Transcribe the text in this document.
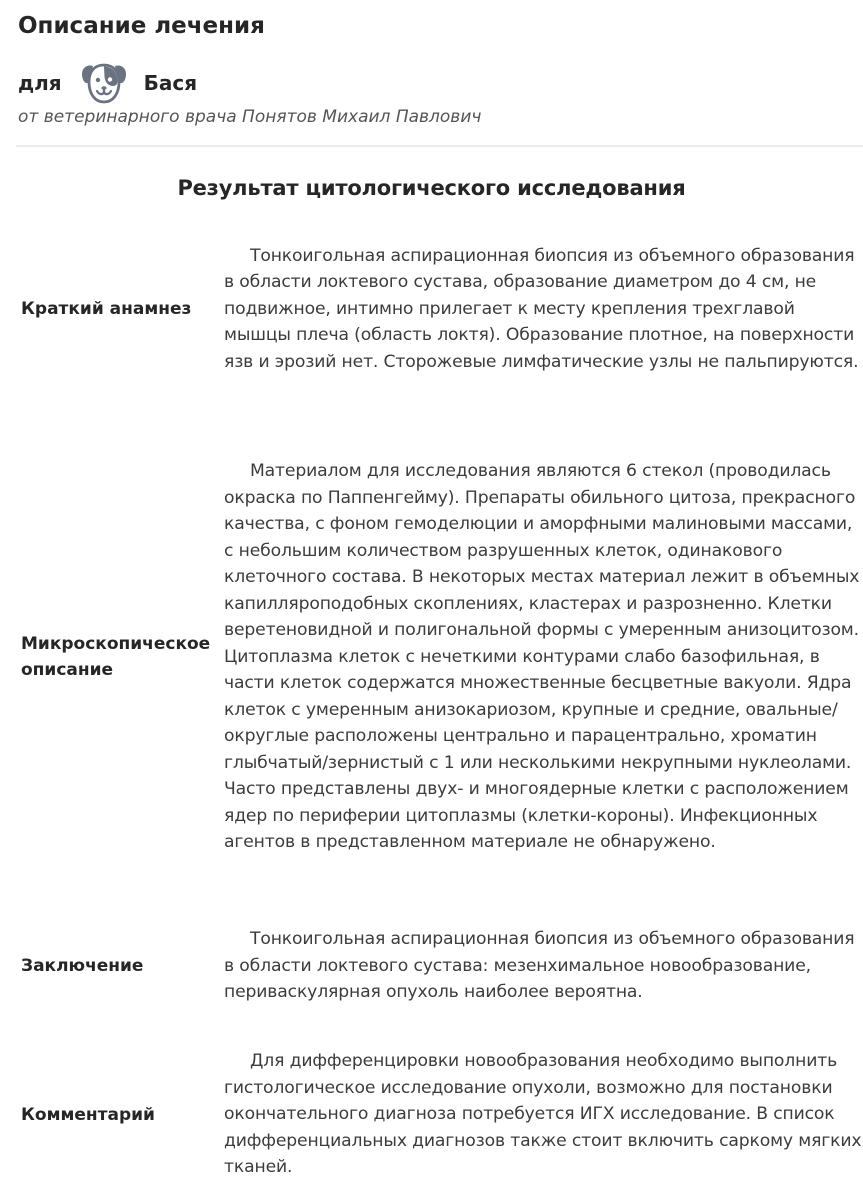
Описание лечения
для	Бася
от ветеринарного врача Понятов Михаил Павлович
Результат цитологического исследования
Краткий анамнез
Тонкоигольная аспирационная биопсия из объемного образования в области локтевого сустава, образование диаметром до 4 см, не подвижное, интимно прилегает к месту крепления трехглавой мышцы плеча (область локтя). Образование плотное, на поверхности язв и эрозий нет. Сторожевые лимфатические узлы не пальпируются.
Микроскопическое описание
Материалом для исследования являются 6 стекол (проводилась окраска по Паппенгейму). Препараты обильного цитоза, прекрасного качества, с фоном гемоделюции и аморфными малиновыми массами, с небольшим количеством разрушенных клеток, одинакового клеточного состава. В некоторых местах материал лежит в объемных капилляроподобных скоплениях, кластерах и разрозненно. Клетки веретеновидной и полигональной формы с умеренным анизоцитозом. Цитоплазма клеток с нечеткими контурами слабо базофильная, в части клеток содержатся множественные бесцветные вакуоли. Ядра клеток с умеренным анизокариозом, крупные и средние, овальные/округлые расположены центрально и парацентрально, хроматин глыбчатый/зернистый с 1 или несколькими некрупными нуклеолами. Часто представлены двух- и многоядерные клетки с расположением ядер по периферии цитоплазмы (клетки-короны). Инфекционных агентов в представленном материале не обнаружено.
Заключение
Тонкоигольная аспирационная биопсия из объемного образования в области локтевого сустава: мезенхимальное новообразование, периваскулярная опухоль наиболее вероятна.
Комментарий
Для дифференцировки новообразования необходимо выполнить гистологическое исследование опухоли, возможно для постановки окончательного диагноза потребуется ИГХ исследование. В список дифференциальных диагнозов также стоит включить саркому мягких тканей.
